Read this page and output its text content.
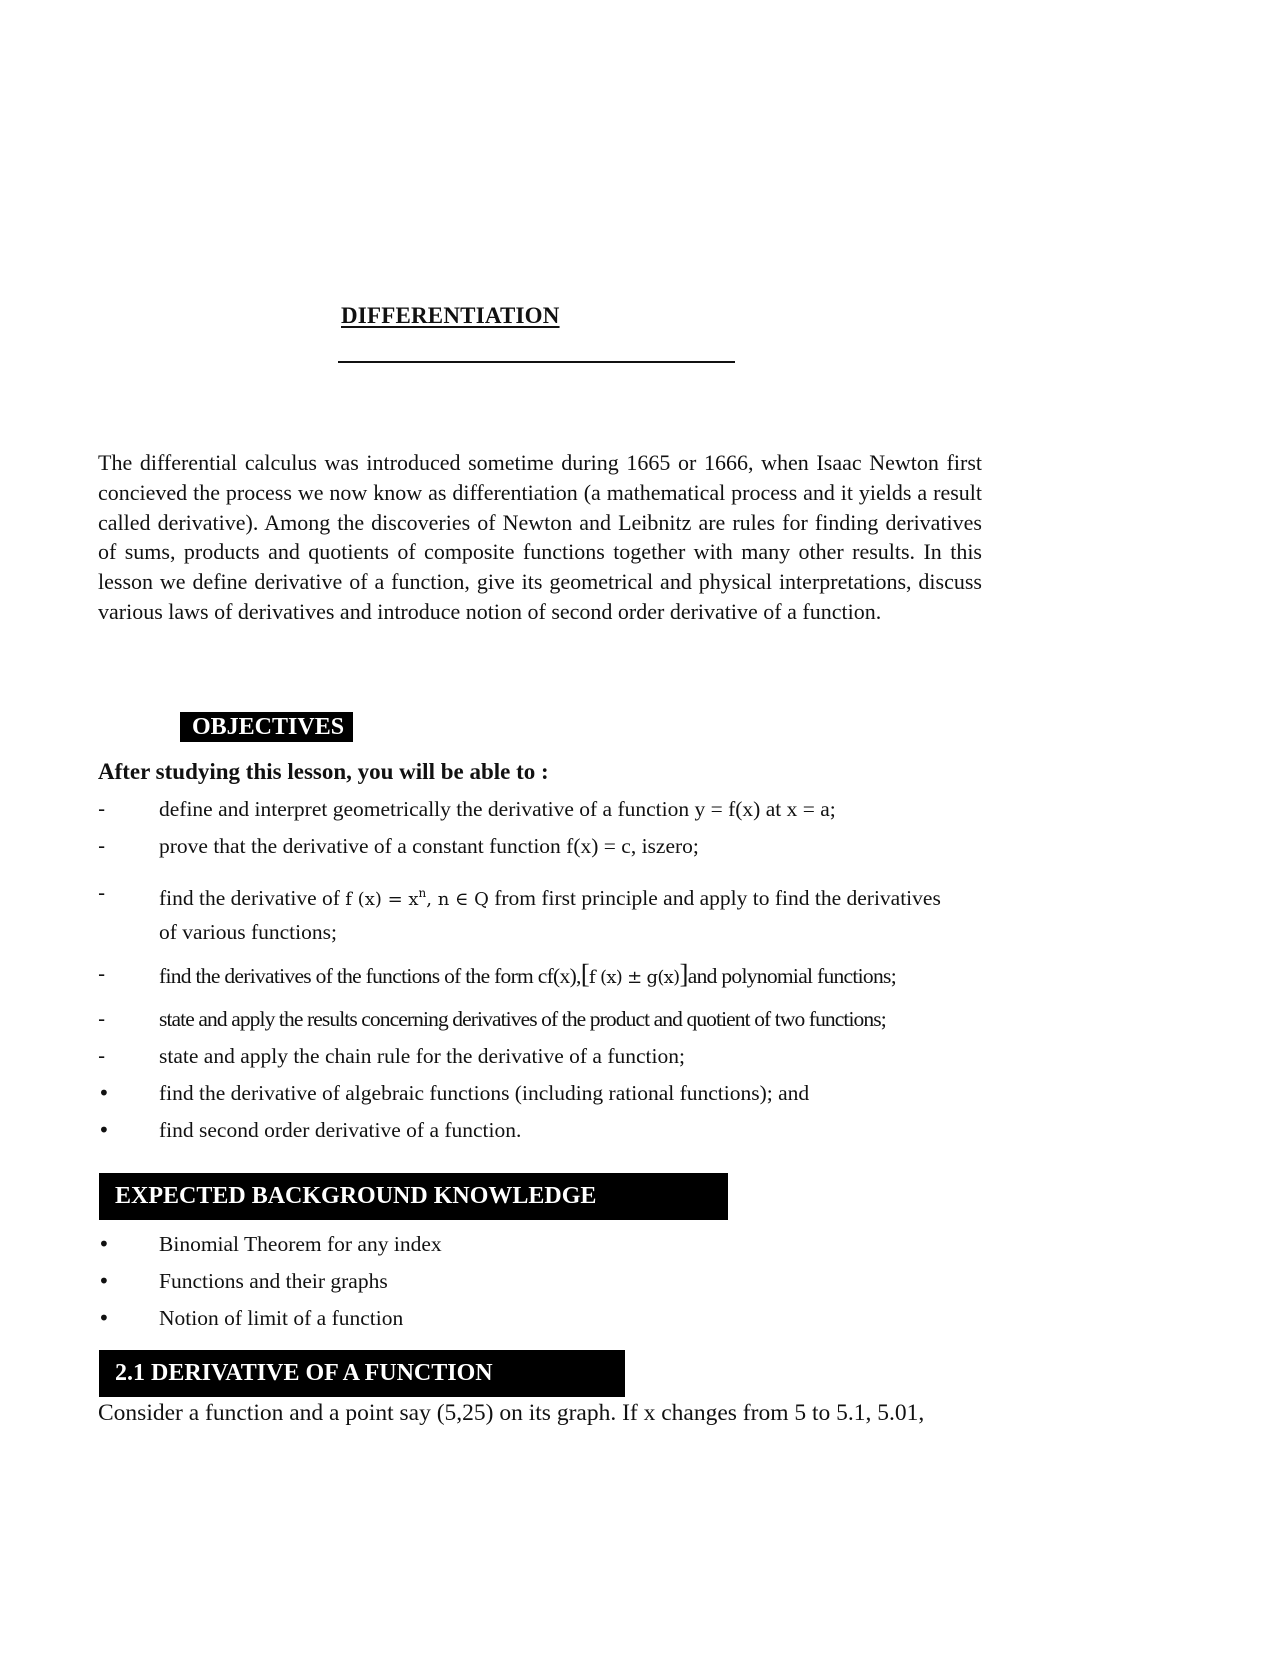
DIFFERENTIATION
The differential calculus was introduced sometime during 1665 or 1666, when Isaac Newton first concieved the process we now know as differentiation (a mathematical process and it yields a result called derivative). Among the discoveries of Newton and Leibnitz are rules for finding derivatives of sums, products and quotients of composite functions together with many other results. In this lesson we define derivative of a function, give its geometrical and physical interpretations, discuss various laws of derivatives and introduce notion of second order derivative of a function.
OBJECTIVES
After studying this lesson, you will be able to :
-	define and interpret geometrically the derivative of a function y = f(x) at x = a;
-	prove that the derivative of a constant function f(x) = c, iszero;
-	find the derivative of f $(x) = x^n$, n ∈ Q from first principle and apply to find the derivatives
of various functions;
-	find the derivatives of the functions of the form cf(x),[f (x) ± g(x)]and polynomial functions;
-	state and apply the results concerning derivatives of the product and quotient of two functions;
-	state and apply the chain rule for the derivative of a function;
•	find the derivative of algebraic functions (including rational functions); and
•	find second order derivative of a function.
EXPECTED BACKGROUND KNOWLEDGE
•	Binomial Theorem for any index
•	Functions and their graphs
•	Notion of limit of a function
2.1 DERIVATIVE OF A FUNCTION
Consider a function and a point say (5,25) on its graph. If x changes from 5 to 5.1, 5.01,
